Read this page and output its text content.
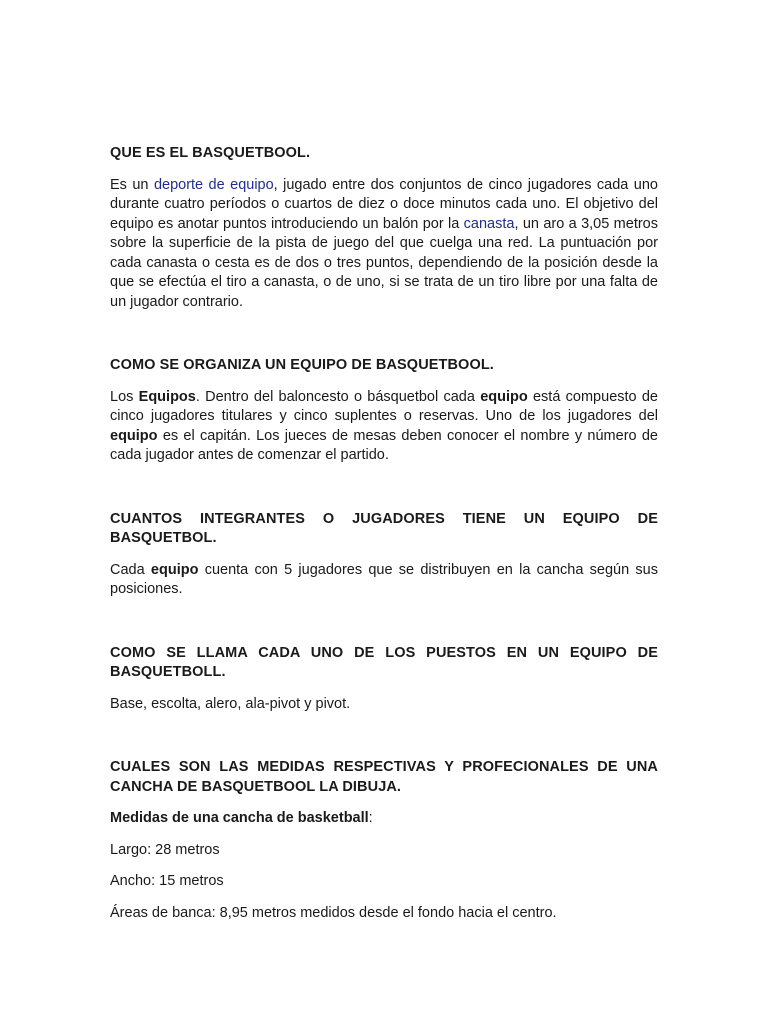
QUE ES EL BASQUETBOOL.

Es un deporte de equipo, jugado entre dos conjuntos de cinco jugadores cada uno durante cuatro períodos o cuartos de diez o doce minutos cada uno. El objetivo del equipo es anotar puntos introduciendo un balón por la canasta, un aro a 3,05 metros sobre la superficie de la pista de juego del que cuelga una red. La puntuación por cada canasta o cesta es de dos o tres puntos, dependiendo de la posición desde la que se efectúa el tiro a canasta, o de uno, si se trata de un tiro libre por una falta de un jugador contrario.

COMO SE ORGANIZA UN EQUIPO DE BASQUETBOOL.

Los Equipos. Dentro del baloncesto o básquetbol cada equipo está compuesto de cinco jugadores titulares y cinco suplentes o reservas. Uno de los jugadores del equipo es el capitán. Los jueces de mesas deben conocer el nombre y número de cada jugador antes de comenzar el partido.

CUANTOS INTEGRANTES O JUGADORES TIENE UN EQUIPO DE BASQUETBOL.

Cada equipo cuenta con 5 jugadores que se distribuyen en la cancha según sus posiciones.

COMO SE LLAMA CADA UNO DE LOS PUESTOS EN UN EQUIPO DE BASQUETBOLL.

Base, escolta, alero, ala-pivot y pivot.

CUALES SON LAS MEDIDAS RESPECTIVAS Y PROFECIONALES DE UNA CANCHA DE BASQUETBOOL LA DIBUJA.

Medidas de una cancha de basketball:

Largo: 28 metros

Ancho: 15 metros

Áreas de banca: 8,95 metros medidos desde el fondo hacia el centro.
